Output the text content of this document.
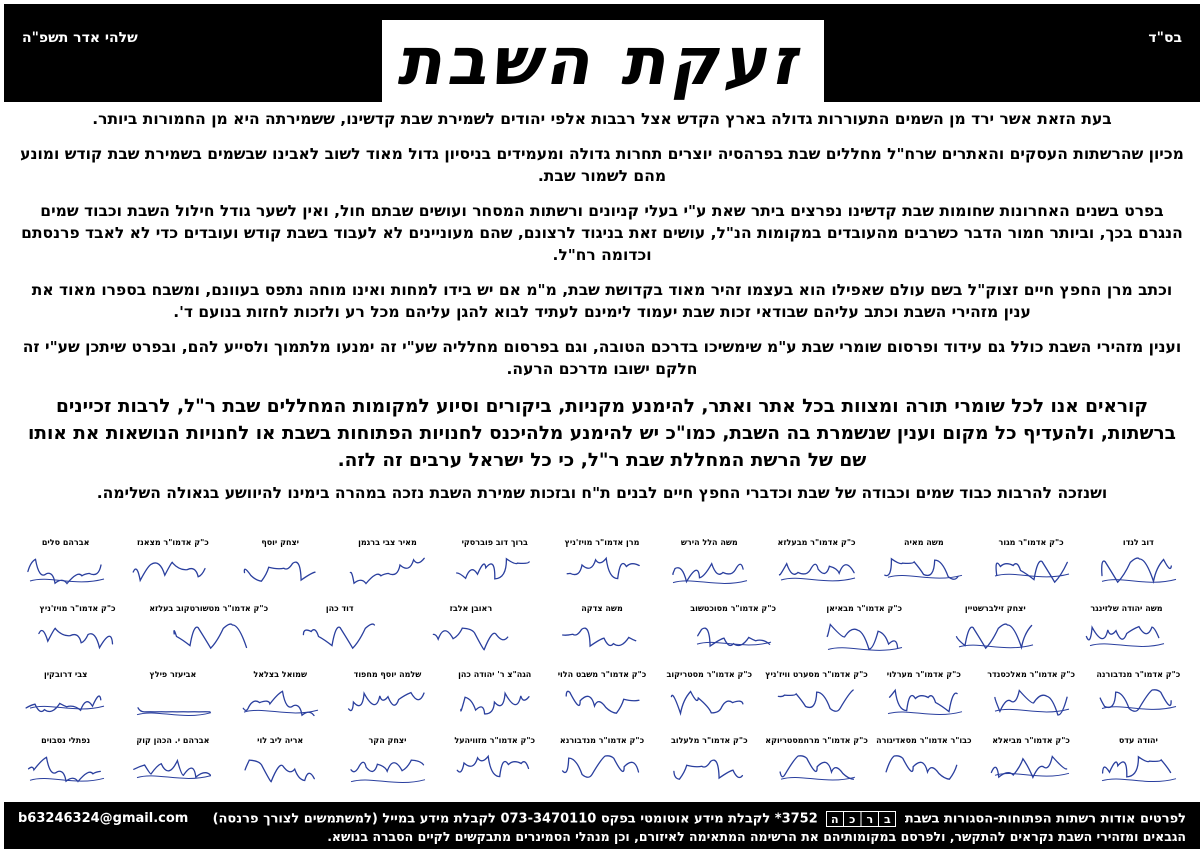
בס"ד
שלהי אדר תשפ"ה	זעקת השבת

בעת הזאת אשר ירד מן השמים התעוררות גדולה בארץ הקדש אצל רבבות אלפי יהודים לשמירת שבת קדשינו, ששמירתה היא מן החמורות ביותר.

מכיון שהרשתות העסקים והאתרים שרח"ל מחללים שבת בפרהסיה יוצרים תחרות גדולה ומעמידים בניסיון גדול מאוד לשוב לאבינו שבשמים בשמירת שבת קודש ומונע מהם לשמור שבת.

בפרט בשנים האחרונות שחומות שבת קדשינו נפרצים ביתר שאת ע"י בעלי קניונים ורשתות המסחר ועושים שבתם חול, ואין לשער גודל חילול השבת וכבוד שמים הנגרם בכך, וביותר חמור הדבר כשרבים מהעובדים במקומות הנ"ל, עושים זאת בניגוד לרצונם, שהם מעוניינים לא לעבוד בשבת קודש ועובדים כדי לא לאבד פרנסתם וכדומה רח"ל.

וכתב מרן החפץ חיים זצוק"ל בשם עולם שאפילו הוא בעצמו זהיר מאוד בקדושת שבת, מ"מ אם יש בידו למחות ואינו מוחה נתפס בעוונם, ומשבח בספרו מאוד את ענין מזהירי השבת וכתב עליהם שבודאי זכות שבת יעמוד לימינם לעתיד לבוא להגן עליהם מכל רע ולזכות לחזות בנועם ד'.

וענין מזהירי השבת כולל גם עידוד ופרסום שומרי שבת ע"מ שימשיכו בדרכם הטובה, וגם בפרסום מחלליה שע"י זה ימנעו מלתמוך ולסייע להם, ובפרט שיתכן שע"י זה חלקם ישובו מדרכם הרעה.

קוראים אנו לכל שומרי תורה ומצוות בכל אתר ואתר, להימנע מקניות, ביקורים וסיוע למקומות המחללים שבת ר"ל, לרבות זכיינים ברשתות, ולהעדיף כל מקום וענין שנשמרת בה השבת, כמו"כ יש להימנע מלהיכנס לחנויות הפתוחות בשבת או לחנויות הנושאות את אותו שם של הרשת המחללת שבת ר"ל, כי כל ישראל ערבים זה לזה.

ושנזכה להרבות כבוד שמים וכבודה של שבת וכדברי החפץ חיים לבנים ת"ח ובזכות שמירת השבת נזכה במהרה בימינו להיוושע בגאולה השלימה.

דוב לנדו
כ"ק אדמו"ר מגור
משה מאיה
כ"ק אדמו"ר מבעלזא
משה הלל הירש
מרן אדמו"ר מויז'ניץ
ברוך דוב פוברסקי
מאיר צבי ברגמן
יצחק יוסף
כ"ק אדמו"ר מצאנז
אברהם סלים
משה יהודה שלזינגר
יצחק זילברשטיין
כ"ק אדמו"ר מבאיאן
כ"ק אדמו"ר מסוכטשוב
משה צדקה
ראובן אלבז
דוד כהן
כ"ק אדמו"ר מטשורטקוב בעלזא
כ"ק אדמו"ר מויז'ניץ
כ"ק אדמו"ר מנדבורנה
כ"ק אדמו"ר מאלכסנדר
כ"ק אדמו"ר מערלוי
כ"ק אדמו"ר מסערט וויז'ניץ
כ"ק אדמו"ר מסטריקוב
כ"ק אדמו"ר משבט הלוי
הגה"צ ר' יהודה כהן
שלמה יוסף מחפוד
שמואל בצלאל
אביעזר פילץ
צבי דרובקין
יהודה עדס
כ"ק אדמו"ר מביאלא
כבו"ר אדמו"ר מסאדיגורה
כ"ק אדמו"ר מרחמסטריוקא
כ"ק אדמו"ר מלעלוב
כ"ק אדמו"ר מנדבורנא
כ"ק אדמו"ר מזוויהעל
יצחק הקר
אריה ליב לוי
אברהם י. הכהן קוק
נפתלי נסבוים
לפרטים אודות רשתות הפתוחות-הסגורות בשבת
ב
ר
כ
ה
3752* לקבלת מידע אוטומטי בפקס 073-3470110 לקבלת מידע במייל (למשתמשים לצורך פרנסה)
b63246324@gmail.com
הגבאים ומזהירי השבת נקראים להתקשר, ולפרסם במקומותיהם את הרשימה המתאימה לאיזורם, וכן מנהלי הסמינרים מתבקשים לקיים הסברה בנושא.
